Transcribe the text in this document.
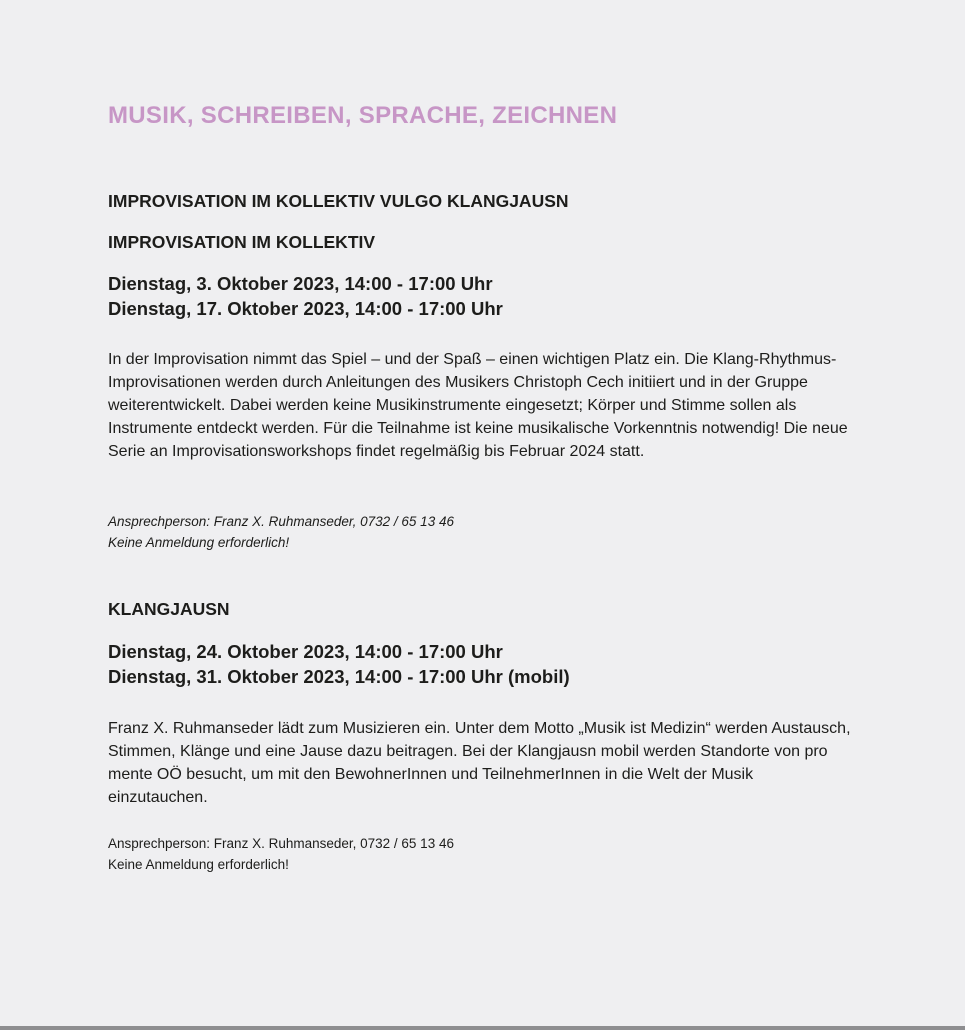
MUSIK, SCHREIBEN, SPRACHE, ZEICHNEN
IMPROVISATION IM KOLLEKTIV VULGO KLANGJAUSN
IMPROVISATION IM KOLLEKTIV
Dienstag, 3. Oktober 2023, 14:00 - 17:00 Uhr
Dienstag, 17. Oktober 2023, 14:00 - 17:00 Uhr

In der Improvisation nimmt das Spiel – und der Spaß – einen wichtigen Platz ein. Die Klang-Rhythmus-Improvisationen werden durch Anleitungen des Musikers Christoph Cech initiiert und in der Gruppe weiterentwickelt. Dabei werden keine Musikinstrumente eingesetzt; Körper und Stimme sollen als Instrumente entdeckt werden. Für die Teilnahme ist keine musikalische Vorkenntnis notwendig! Die neue Serie an Improvisationsworkshops findet regelmäßig bis Februar 2024 statt.

Ansprechperson: Franz X. Ruhmanseder, 0732 / 65 13 46
Keine Anmeldung erforderlich!
KLANGJAUSN
Dienstag, 24. Oktober 2023, 14:00 - 17:00 Uhr
Dienstag, 31. Oktober 2023, 14:00 - 17:00 Uhr (mobil)

Franz X. Ruhmanseder lädt zum Musizieren ein. Unter dem Motto „Musik ist Medizin“ werden Austausch, Stimmen, Klänge und eine Jause dazu beitragen. Bei der Klangjausn mobil werden Standorte von pro mente OÖ besucht, um mit den BewohnerInnen und TeilnehmerInnen in die Welt der Musik einzutauchen.

Ansprechperson: Franz X. Ruhmanseder, 0732 / 65 13 46
Keine Anmeldung erforderlich!
